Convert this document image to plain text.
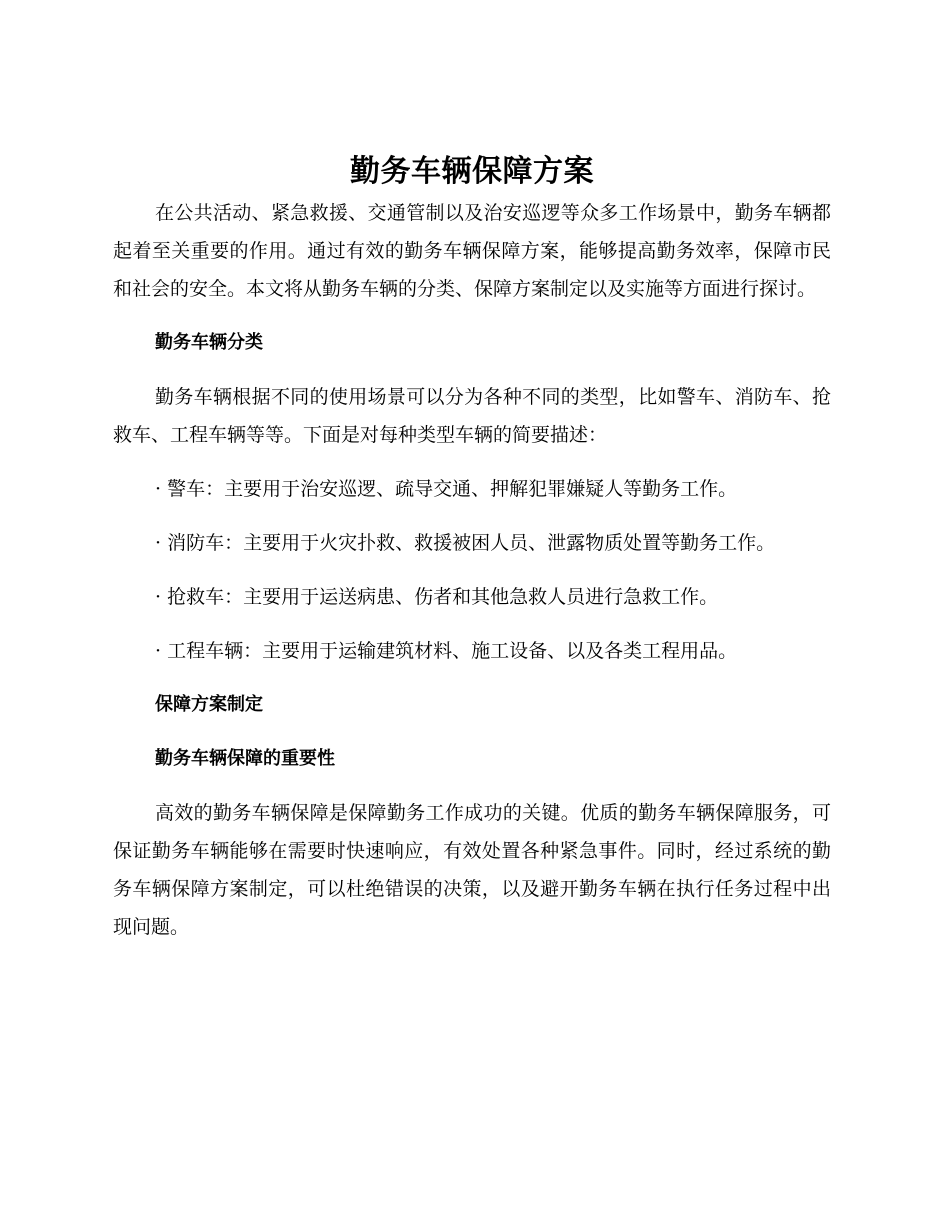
勤务车辆保障方案

在公共活动、紧急救援、交通管制以及治安巡逻等众多工作场景中，勤务车辆都起着至关重要的作用。通过有效的勤务车辆保障方案，能够提高勤务效率，保障市民和社会的安全。本文将从勤务车辆的分类、保障方案制定以及实施等方面进行探讨。

勤务车辆分类

勤务车辆根据不同的使用场景可以分为各种不同的类型，比如警车、消防车、抢救车、工程车辆等等。下面是对每种类型车辆的简要描述：

· 警车：主要用于治安巡逻、疏导交通、押解犯罪嫌疑人等勤务工作。

· 消防车：主要用于火灾扑救、救援被困人员、泄露物质处置等勤务工作。

· 抢救车：主要用于运送病患、伤者和其他急救人员进行急救工作。

· 工程车辆：主要用于运输建筑材料、施工设备、以及各类工程用品。

保障方案制定

勤务车辆保障的重要性

高效的勤务车辆保障是保障勤务工作成功的关键。优质的勤务车辆保障服务，可保证勤务车辆能够在需要时快速响应，有效处置各种紧急事件。同时，经过系统的勤务车辆保障方案制定，可以杜绝错误的决策，以及避开勤务车辆在执行任务过程中出现问题。
